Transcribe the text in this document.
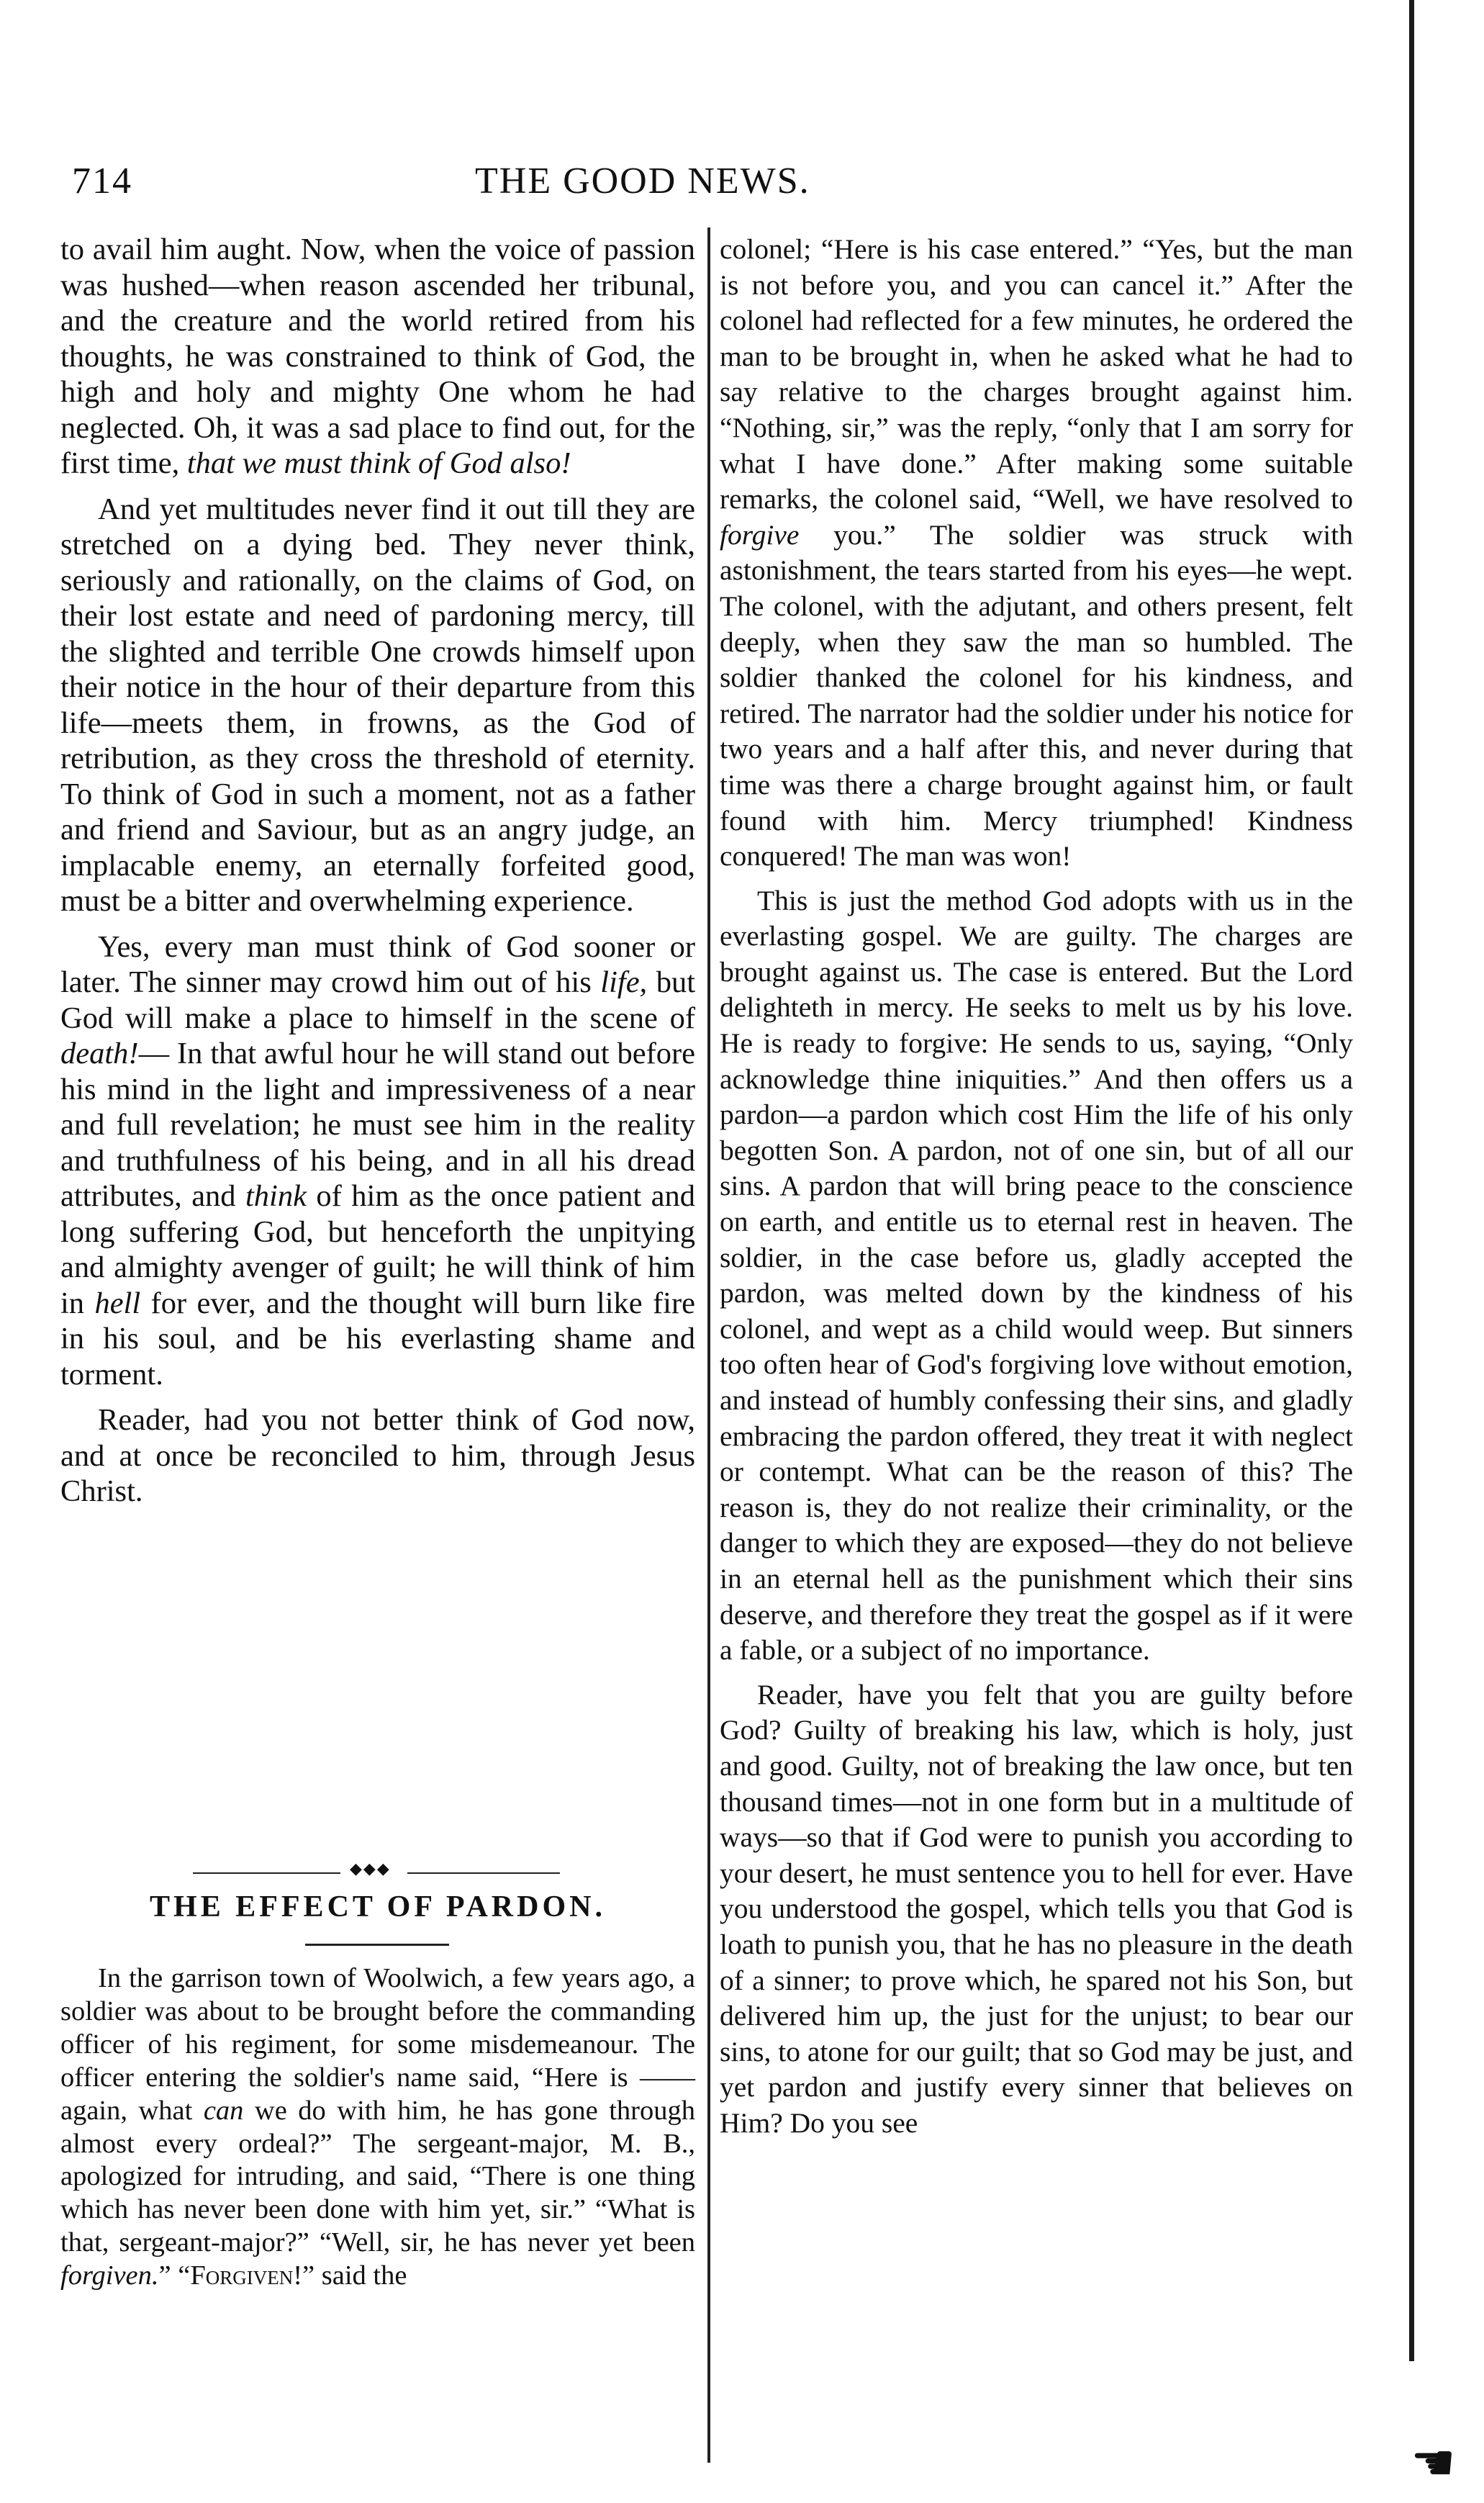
714	THE GOOD NEWS.

to avail him aught. Now, when the voice of passion was hushed—when reason ascended her tribunal, and the creature and the world retired from his thoughts, he was constrained to think of God, the high and holy and mighty One whom he had neglected. Oh, it was a sad place to find out, for the first time, that we must think of God also!

And yet multitudes never find it out till they are stretched on a dying bed. They never think, seriously and rationally, on the claims of God, on their lost estate and need of pardoning mercy, till the slighted and terrible One crowds himself upon their notice in the hour of their departure from this life—meets them, in frowns, as the God of retribution, as they cross the threshold of eternity. To think of God in such a moment, not as a father and friend and Saviour, but as an angry judge, an implacable enemy, an eternally forfeited good, must be a bitter and overwhelming experience.

Yes, every man must think of God sooner or later. The sinner may crowd him out of his life, but God will make a place to himself in the scene of death!— In that awful hour he will stand out before his mind in the light and impressiveness of a near and full revelation; he must see him in the reality and truthfulness of his being, and in all his dread attributes, and think of him as the once patient and long suffering God, but henceforth the unpitying and almighty avenger of guilt; he will think of him in hell for ever, and the thought will burn like fire in his soul, and be his everlasting shame and torment.

Reader, had you not better think of God now, and at once be reconciled to him, through Jesus Christ.

◆◆◆
THE EFFECT OF PARDON.

In the garrison town of Woolwich, a few years ago, a soldier was about to be brought before the commanding officer of his regiment, for some misdemeanour. The officer entering the soldier's name said, “Here is —— again, what can we do with him, he has gone through almost every ordeal?” The sergeant-major, M. B., apologized for intruding, and said, “There is one thing which has never been done with him yet, sir.” “What is that, sergeant-major?” “Well, sir, he has never yet been forgiven.” “Forgiven!” said the

colonel; “Here is his case entered.” “Yes, but the man is not before you, and you can cancel it.” After the colonel had reflected for a few minutes, he ordered the man to be brought in, when he asked what he had to say relative to the charges brought against him. “Nothing, sir,” was the reply, “only that I am sorry for what I have done.” After making some suitable remarks, the colonel said, “Well, we have resolved to forgive you.” The soldier was struck with astonishment, the tears started from his eyes—he wept. The colonel, with the adjutant, and others present, felt deeply, when they saw the man so humbled. The soldier thanked the colonel for his kindness, and retired. The narrator had the soldier under his notice for two years and a half after this, and never during that time was there a charge brought against him, or fault found with him. Mercy triumphed! Kindness conquered! The man was won!

This is just the method God adopts with us in the everlasting gospel. We are guilty. The charges are brought against us. The case is entered. But the Lord delighteth in mercy. He seeks to melt us by his love. He is ready to forgive: He sends to us, saying, “Only acknowledge thine iniquities.” And then offers us a pardon—a pardon which cost Him the life of his only begotten Son. A pardon, not of one sin, but of all our sins. A pardon that will bring peace to the conscience on earth, and entitle us to eternal rest in heaven. The soldier, in the case before us, gladly accepted the pardon, was melted down by the kindness of his colonel, and wept as a child would weep. But sinners too often hear of God's forgiving love without emotion, and instead of humbly confessing their sins, and gladly embracing the pardon offered, they treat it with neglect or contempt. What can be the reason of this? The reason is, they do not realize their criminality, or the danger to which they are exposed—they do not believe in an eternal hell as the punishment which their sins deserve, and therefore they treat the gospel as if it were a fable, or a subject of no importance.

Reader, have you felt that you are guilty before God? Guilty of breaking his law, which is holy, just and good. Guilty, not of breaking the law once, but ten thousand times—not in one form but in a multitude of ways—so that if God were to punish you according to your desert, he must sentence you to hell for ever. Have you understood the gospel, which tells you that God is loath to punish you, that he has no pleasure in the death of a sinner; to prove which, he spared not his Son, but delivered him up, the just for the unjust; to bear our sins, to atone for our guilt; that so God may be just, and yet pardon and justify every sinner that believes on Him? Do you see

☚
